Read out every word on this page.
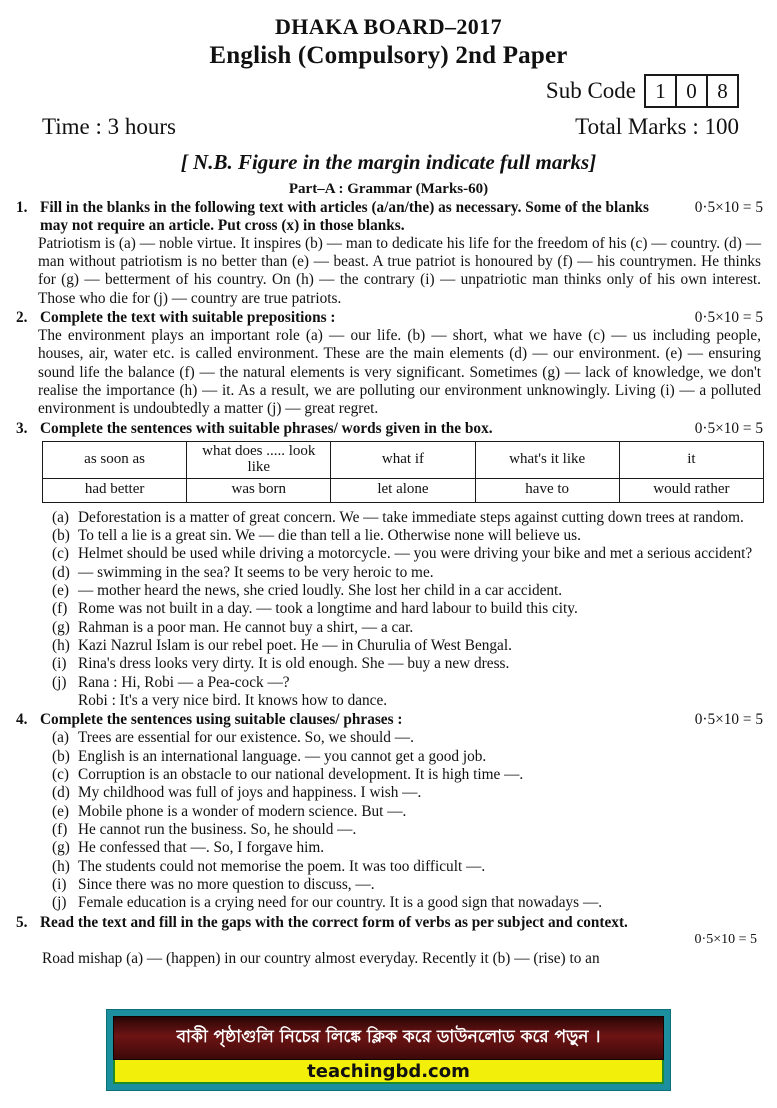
DHAKA BOARD–2017
English (Compulsory) 2nd Paper
Sub Code 1 0 8
Time : 3 hours	Total Marks : 100
[ N.B. Figure in the margin indicate full marks]
Part–A : Grammar (Marks-60)
1.	0·5×10 = 5
Fill in the blanks in the following text with articles (a/an/the) as necessary. Some of the blanks may not require an article. Put cross (x) in those blanks.
Patriotism is (a) — noble virtue. It inspires (b) — man to dedicate his life for the freedom of his (c) — country. (d) — man without patriotism is no better than (e) — beast. A true patriot is honoured by (f) — his countrymen. He thinks for (g) — betterment of his country. On (h) — the contrary (i) — unpatriotic man thinks only of his own interest. Those who die for (j) — country are true patriots.
2.	0·5×10 = 5
Complete the text with suitable prepositions :
The environment plays an important role (a) — our life. (b) — short, what we have (c) — us including people, houses, air, water etc. is called environment. These are the main elements (d) — our environment. (e) — ensuring sound life the balance (f) — the natural elements is very significant. Sometimes (g) — lack of knowledge, we don't realise the importance (h) — it. As a result, we are polluting our environment unknowingly. Living (i) — a polluted environment is undoubtedly a matter (j) — great regret.
3.	0·5×10 = 5
Complete the sentences with suitable phrases/ words given in the box.
as soon as	what does ..... look like	what if	what's it like	it
had better	was born	let alone	have to	would rather
(a) Deforestation is a matter of great concern. We — take immediate steps against cutting down trees at random.
(b) To tell a lie is a great sin. We — die than tell a lie. Otherwise none will believe us.
(c) Helmet should be used while driving a motorcycle. — you were driving your bike and met a serious accident?
(d) — swimming in the sea? It seems to be very heroic to me.
(e) — mother heard the news, she cried loudly. She lost her child in a car accident.
(f) Rome was not built in a day. — took a longtime and hard labour to build this city.
(g) Rahman is a poor man. He cannot buy a shirt, — a car.
(h) Kazi Nazrul Islam is our rebel poet. He — in Churulia of West Bengal.
(i) Rina's dress looks very dirty. It is old enough. She — buy a new dress.
(j) Rana : Hi, Robi — a Pea-cock —?
Robi : It's a very nice bird. It knows how to dance.
4.	0·5×10 = 5
Complete the sentences using suitable clauses/ phrases :
(a) Trees are essential for our existence. So, we should —.
(b) English is an international language. — you cannot get a good job.
(c) Corruption is an obstacle to our national development. It is high time —.
(d) My childhood was full of joys and happiness. I wish —.
(e) Mobile phone is a wonder of modern science. But —.
(f) He cannot run the business. So, he should —.
(g) He confessed that —. So, I forgave him.
(h) The students could not memorise the poem. It was too difficult —.
(i) Since there was no more question to discuss, —.
(j) Female education is a crying need for our country. It is a good sign that nowadays —.
5. Read the text and fill in the gaps with the correct form of verbs as per subject and context.
0·5×10 = 5
Road mishap (a) — (happen) in our country almost everyday. Recently it (b) — (rise) to an
বাকী পৃষ্ঠাগুলি নিচের লিঙ্কে ক্লিক করে ডাউনলোড করে পড়ুন ।
teachingbd.com
